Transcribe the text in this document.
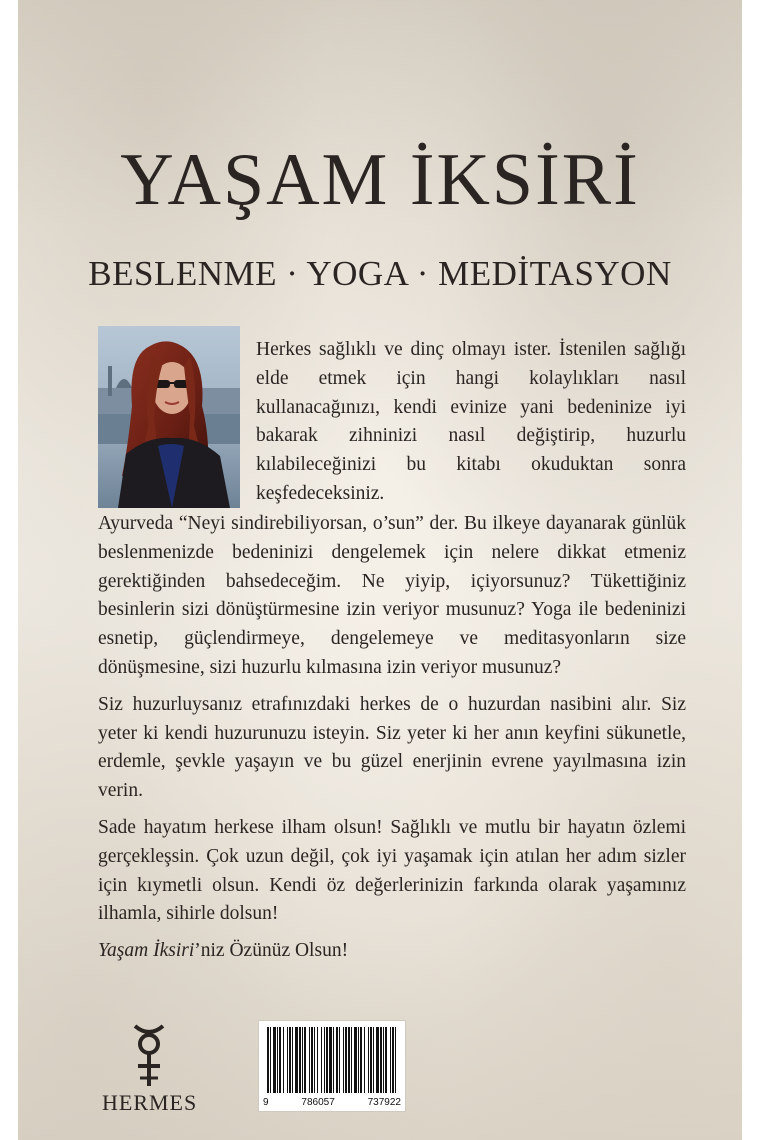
YAŞAM İKSİRİ
BESLENME · YOGA · MEDİTASYON

Herkes sağlıklı ve dinç olmayı ister. İstenilen sağlığı elde etmek için hangi kolaylıkları nasıl kullanacağınızı, kendi evinize yani bedeninize iyi bakarak zihninizi nasıl değiştirip, huzurlu kılabileceğinizi bu kitabı okuduktan sonra keşfedeceksiniz.

Ayurveda “Neyi sindirebiliyorsan, o’sun” der. Bu ilkeye dayanarak günlük beslenmenizde bedeninizi dengelemek için nelere dikkat etmeniz gerektiğinden bahsedeceğim. Ne yiyip, içiyorsunuz? Tükettiğiniz besinlerin sizi dönüştürmesine izin veriyor musunuz? Yoga ile bedeninizi esnetip, güçlendirmeye, dengelemeye ve meditasyonların size dönüşmesine, sizi huzurlu kılmasına izin veriyor musunuz?

Siz huzurluysanız etrafınızdaki herkes de o huzurdan nasibini alır. Siz yeter ki kendi huzurunuzu isteyin. Siz yeter ki her anın keyfini sükunetle, erdemle, şevkle yaşayın ve bu güzel enerjinin evrene yayılmasına izin verin.

Sade hayatım herkese ilham olsun! Sağlıklı ve mutlu bir hayatın özlemi gerçekleşsin. Çok uzun değil, çok iyi yaşamak için atılan her adım sizler için kıymetli olsun. Kendi öz değerlerinizin farkında olarak yaşamınız ilhamla, sihirle dolsun!

Yaşam İksiri’niz Özünüz Olsun!

HERMES	9	786057	737922
